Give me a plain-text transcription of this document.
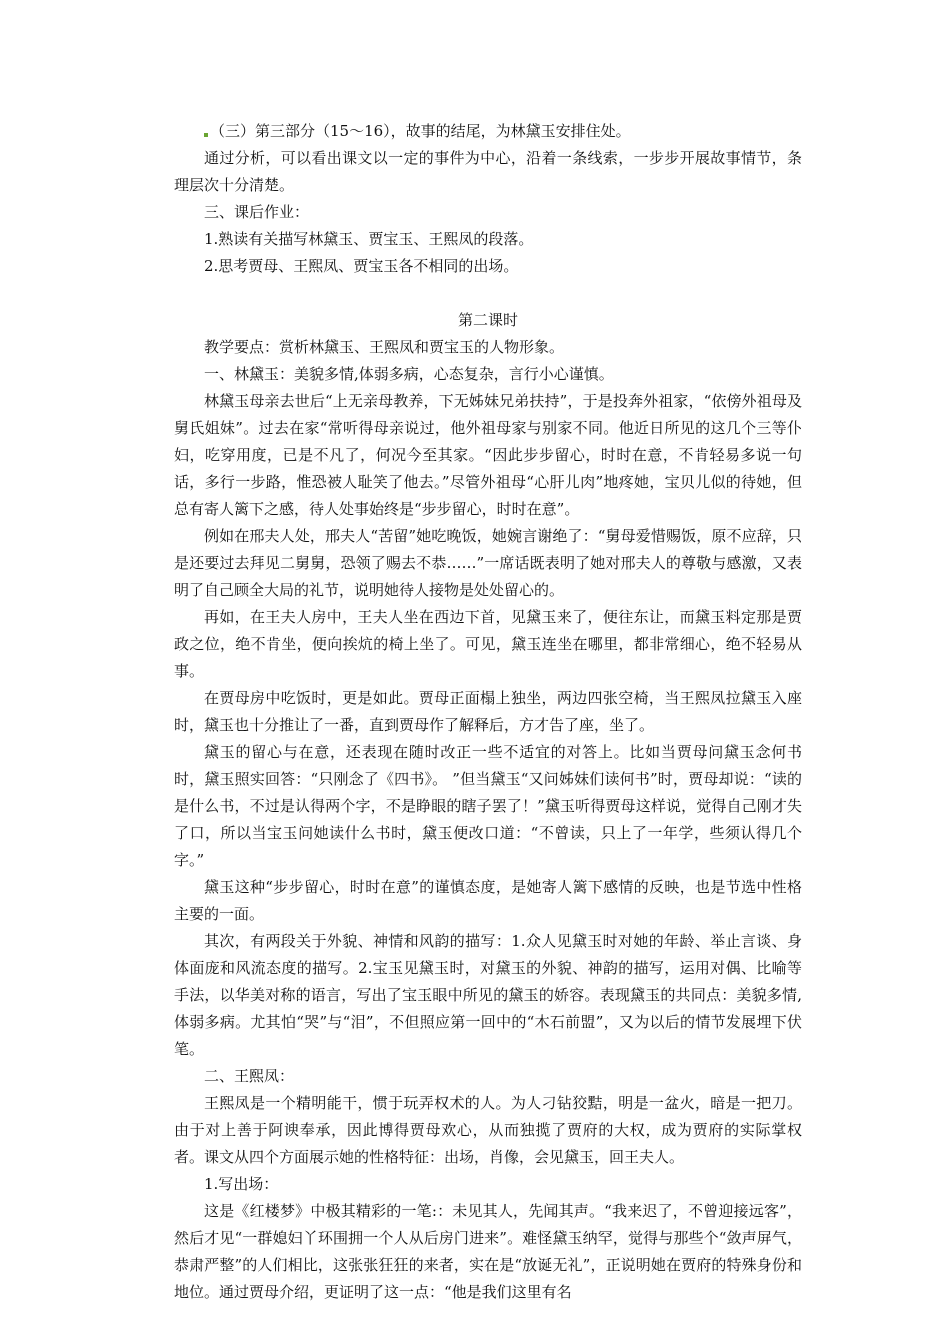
（三）第三部分（15～16），故事的结尾，为林黛玉安排住处。

通过分析，可以看出课文以一定的事件为中心，沿着一条线索，一步步开展故事情节，条理层次十分清楚。

三、课后作业：

1.熟读有关描写林黛玉、贾宝玉、王熙凤的段落。

2.思考贾母、王熙凤、贾宝玉各不相同的出场。

第二课时

教学要点：赏析林黛玉、王熙凤和贾宝玉的人物形象。

一、林黛玉：美貌多情,体弱多病，心态复杂，言行小心谨慎。

林黛玉母亲去世后“上无亲母教养，下无姊妹兄弟扶持”，于是投奔外祖家，“依傍外祖母及舅氏姐妹”。过去在家“常听得母亲说过，他外祖母家与别家不同。他近日所见的这几个三等仆妇，吃穿用度，已是不凡了，何况今至其家。“因此步步留心，时时在意，不肯轻易多说一句话，多行一步路，惟恐被人耻笑了他去。”尽管外祖母“心肝儿肉”地疼她，宝贝儿似的待她，但总有寄人篱下之感，待人处事始终是“步步留心，时时在意”。

例如在邢夫人处，邢夫人“苦留”她吃晚饭，她婉言谢绝了：“舅母爱惜赐饭，原不应辞，只是还要过去拜见二舅舅，恐领了赐去不恭……”一席话既表明了她对邢夫人的尊敬与感激，又表明了自己顾全大局的礼节，说明她待人接物是处处留心的。

再如，在王夫人房中，王夫人坐在西边下首，见黛玉来了，便往东让，而黛玉料定那是贾政之位，绝不肯坐，便向挨炕的椅上坐了。可见，黛玉连坐在哪里，都非常细心，绝不轻易从事。

在贾母房中吃饭时，更是如此。贾母正面榻上独坐，两边四张空椅，当王熙凤拉黛玉入座时，黛玉也十分推让了一番，直到贾母作了解释后，方才告了座，坐了。

黛玉的留心与在意，还表现在随时改正一些不适宜的对答上。比如当贾母问黛玉念何书时，黛玉照实回答：“只刚念了《四书》。 ”但当黛玉“又问姊妹们读何书”时，贾母却说：“读的是什么书，不过是认得两个字，不是睁眼的瞎子罢了！”黛玉听得贾母这样说，觉得自己刚才失了口，所以当宝玉问她读什么书时，黛玉便改口道：“不曾读，只上了一年学，些须认得几个字。”

黛玉这种“步步留心，时时在意”的谨慎态度，是她寄人篱下感情的反映，也是节选中性格主要的一面。

其次，有两段关于外貌、神情和风韵的描写：1.众人见黛玉时对她的年龄、举止言谈、身体面庞和风流态度的描写。2.宝玉见黛玉时，对黛玉的外貌、神韵的描写，运用对偶、比喻等手法，以华美对称的语言，写出了宝玉眼中所见的黛玉的娇容。表现黛玉的共同点：美貌多情,体弱多病。尤其怕“哭”与“泪”，不但照应第一回中的“木石前盟”，又为以后的情节发展埋下伏笔。

二、王熙凤：

王熙凤是一个精明能干，惯于玩弄权术的人。为人刁钻狡黠，明是一盆火，暗是一把刀。由于对上善于阿谀奉承，因此博得贾母欢心，从而独揽了贾府的大权，成为贾府的实际掌权者。课文从四个方面展示她的性格特征：出场，肖像，会见黛玉，回王夫人。

1.写出场：

这是《红楼梦》中极其精彩的一笔:：未见其人，先闻其声。“我来迟了，不曾迎接远客”，然后才见“一群媳妇丫环围拥一个人从后房门进来”。难怪黛玉纳罕，觉得与那些个“敛声屏气，恭肃严整”的人们相比，这张张狂狂的来者，实在是“放诞无礼”，正说明她在贾府的特殊身份和地位。通过贾母介绍，更证明了这一点：“他是我们这里有名
